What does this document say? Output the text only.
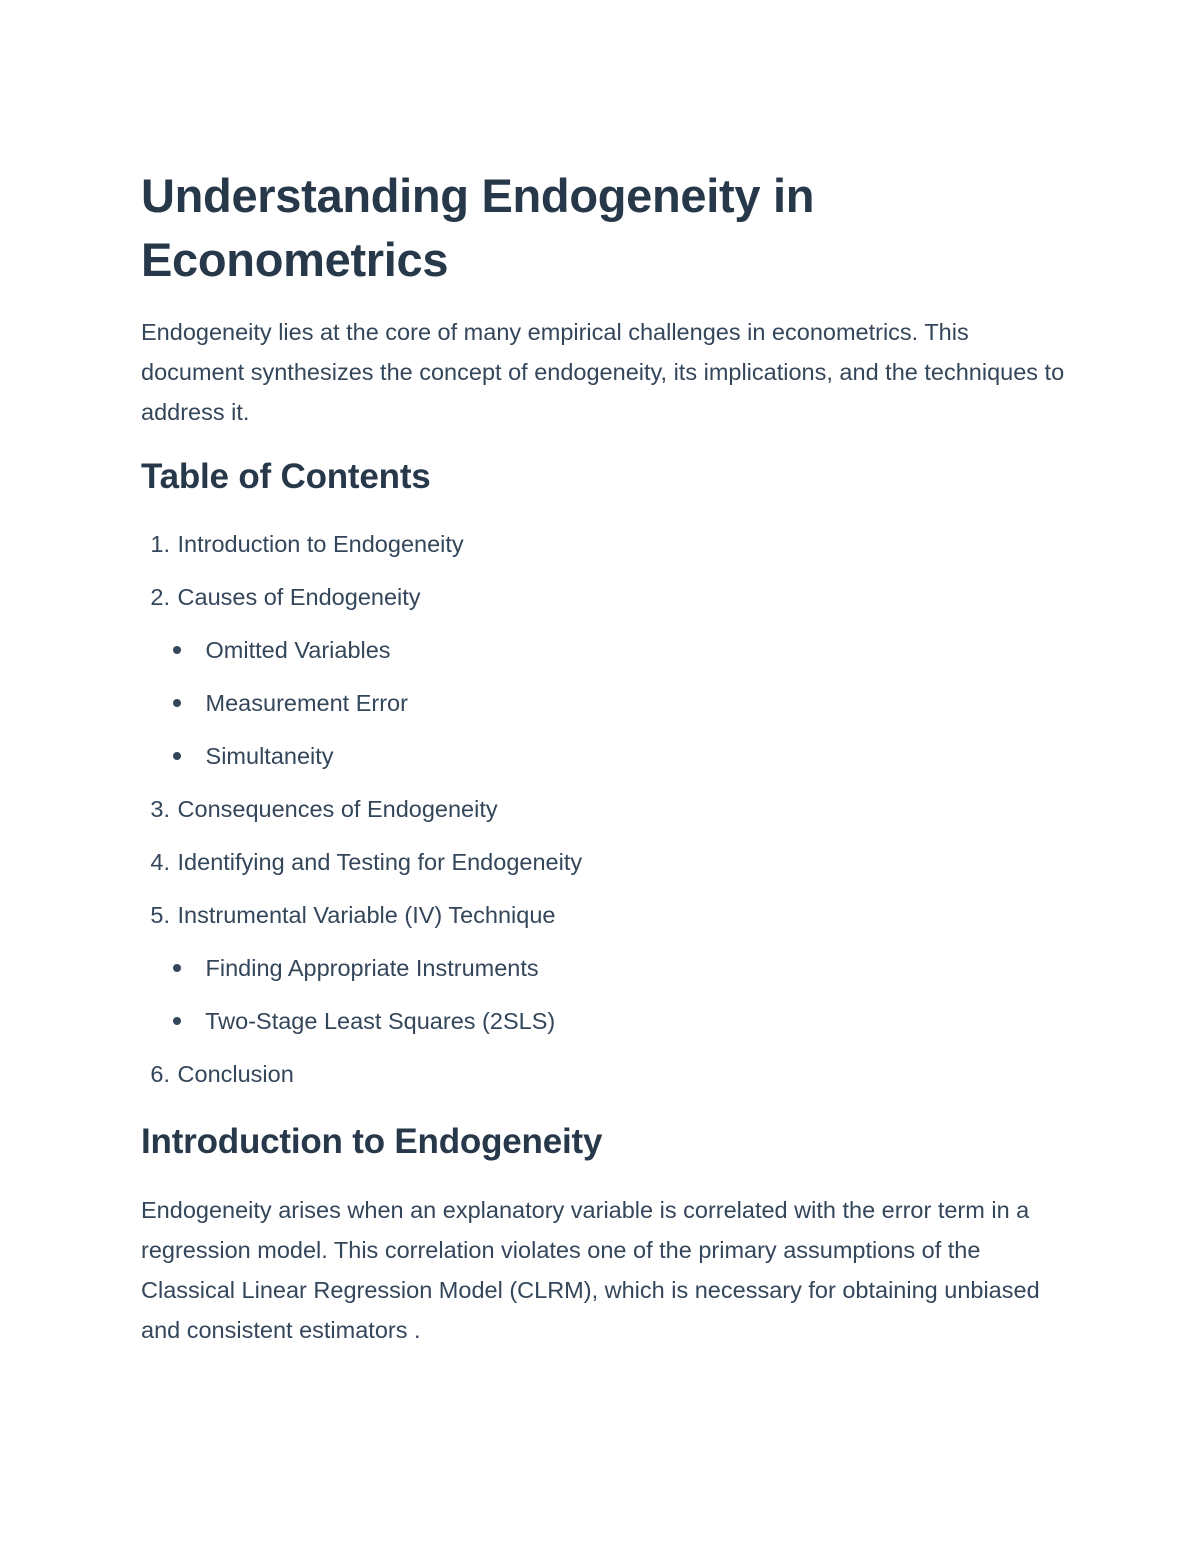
Understanding Endogeneity in Econometrics

Endogeneity lies at the core of many empirical challenges in econometrics. This document synthesizes the concept of endogeneity, its implications, and the techniques to address it.

Table of Contents
1. Introduction to Endogeneity
2. Causes of Endogeneity
Omitted Variables
Measurement Error
Simultaneity
3. Consequences of Endogeneity
4. Identifying and Testing for Endogeneity
5. Instrumental Variable (IV) Technique
Finding Appropriate Instruments
Two-Stage Least Squares (2SLS)
6. Conclusion
Introduction to Endogeneity

Endogeneity arises when an explanatory variable is correlated with the error term in a regression model. This correlation violates one of the primary assumptions of the Classical Linear Regression Model (CLRM), which is necessary for obtaining unbiased and consistent estimators .
